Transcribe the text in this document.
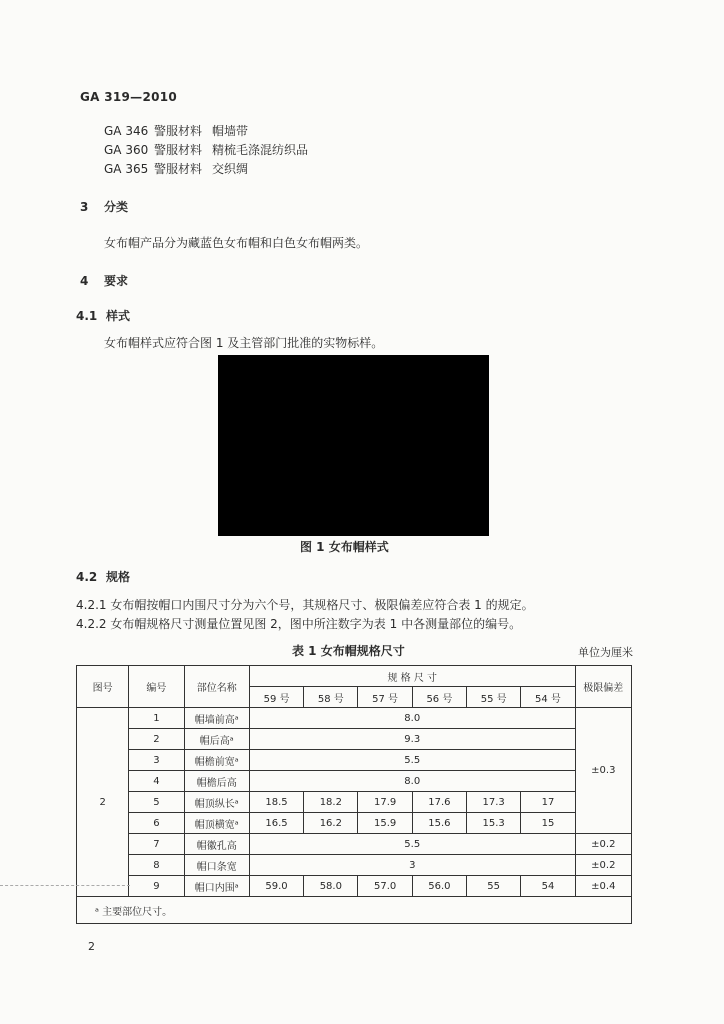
GA 319—2010
GA 346 警服材料 帽墙带
GA 360 警服材料 精梳毛涤混纺织品
GA 365 警服材料 交织绸
3 分类
女布帽产品分为藏蓝色女布帽和白色女布帽两类。
4 要求
4.1 样式
女布帽样式应符合图 1 及主管部门批准的实物标样。
图 1 女布帽样式
4.2 规格
4.2.1 女布帽按帽口内围尺寸分为六个号，其规格尺寸、极限偏差应符合表 1 的规定。
4.2.2 女布帽规格尺寸测量位置见图 2，图中所注数字为表 1 中各测量部位的编号。
表 1 女布帽规格尺寸	单位为厘米
图号	编号	部位名称	规 格 尺 寸						极限偏差
			59 号	58 号	57 号	56 号	55 号	54 号	
2	1	帽墙前高ᵃ	8.0						±0.3
	2	帽后高ᵃ	9.3						
	3	帽檐前宽ᵃ	5.5						
	4	帽檐后高	8.0						
	5	帽顶纵长ᵃ	18.5	18.2	17.9	17.6	17.3	17	
	6	帽顶横宽ᵃ	16.5	16.2	15.9	15.6	15.3	15	
	7	帽徽孔高	5.5						±0.2
	8	帽口条宽	3						±0.2
	9	帽口内围ᵃ	59.0	58.0	57.0	56.0	55	54	±0.4
ᵃ 主要部位尺寸。									
2
